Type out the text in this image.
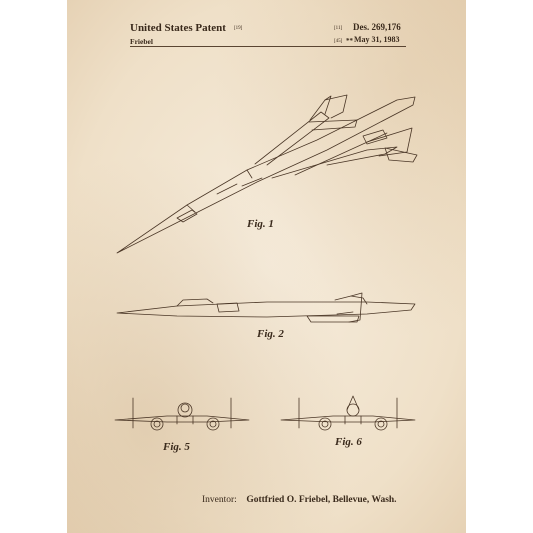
United States Patent [19]
Friebel
[11] Des. 269,176
[45] ** May 31, 1983
Fig. 1
Fig. 2
Fig. 5	Fig. 6
Inventor: Gottfried O. Friebel, Bellevue, Wash.
